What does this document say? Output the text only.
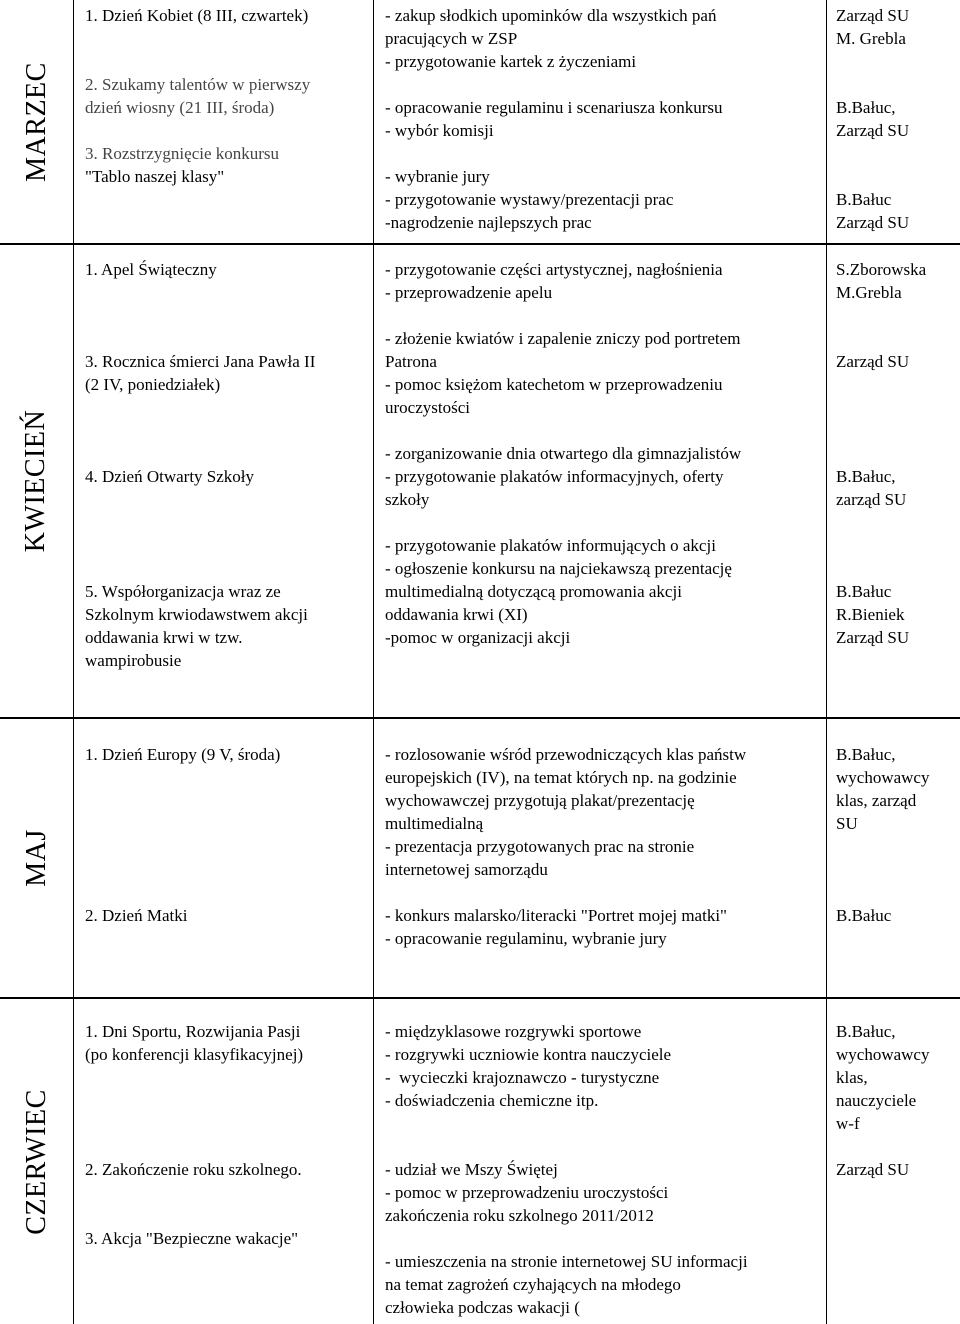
MARZEC
KWIECIEŃ
MAJ
CZERWIEC
1. Dzień Kobiet (8 III, czwartek)
2. Szukamy talentów w pierwszy
dzień wiosny (21 III, środa)
3. Rozstrzygnięcie konkursu
"Tablo naszej klasy"
- zakup słodkich upominków dla wszystkich pań
pracujących w ZSP
- przygotowanie kartek z życzeniami
- opracowanie regulaminu i scenariusza konkursu
- wybór komisji
- wybranie jury
- przygotowanie wystawy/prezentacji prac
-nagrodzenie najlepszych prac
Zarząd SU
M. Grebla
B.Bałuc,
Zarząd SU
B.Bałuc
Zarząd SU
1. Apel Świąteczny
3. Rocznica śmierci Jana Pawła II
(2 IV, poniedziałek)
4. Dzień Otwarty Szkoły
5. Współorganizacja wraz ze
Szkolnym krwiodawstwem akcji
oddawania krwi w tzw.
wampirobusie
- przygotowanie części artystycznej, nagłośnienia
- przeprowadzenie apelu
- złożenie kwiatów i zapalenie zniczy pod portretem
Patrona
- pomoc księżom katechetom w przeprowadzeniu
uroczystości
- zorganizowanie dnia otwartego dla gimnazjalistów
- przygotowanie plakatów informacyjnych, oferty
szkoły
- przygotowanie plakatów informujących o akcji
- ogłoszenie konkursu na najciekawszą prezentację
multimedialną dotyczącą promowania akcji
oddawania krwi (XI)
-pomoc w organizacji akcji
S.Zborowska
M.Grebla
Zarząd SU
B.Bałuc,
zarząd SU
B.Bałuc
R.Bieniek
Zarząd SU
1. Dzień Europy (9 V, środa)
2. Dzień Matki
- rozlosowanie wśród przewodniczących klas państw
europejskich (IV), na temat których np. na godzinie
wychowawczej przygotują plakat/prezentację
multimedialną
- prezentacja przygotowanych prac na stronie
internetowej samorządu
- konkurs malarsko/literacki "Portret mojej matki"
- opracowanie regulaminu, wybranie jury
B.Bałuc,
wychowawcy
klas, zarząd
SU
B.Bałuc
1. Dni Sportu, Rozwijania Pasji
(po konferencji klasyfikacyjnej)
2. Zakończenie roku szkolnego.
3. Akcja "Bezpieczne wakacje"
- międzyklasowe rozgrywki sportowe
- rozgrywki uczniowie kontra nauczyciele
-  wycieczki krajoznawczo - turystyczne
- doświadczenia chemiczne itp.
- udział we Mszy Świętej
- pomoc w przeprowadzeniu uroczystości
zakończenia roku szkolnego 2011/2012
- umieszczenia na stronie internetowej SU informacji
na temat zagrożeń czyhających na młodego
człowieka podczas wakacji (
B.Bałuc,
wychowawcy
klas,
nauczyciele
w-f
Zarząd SU
